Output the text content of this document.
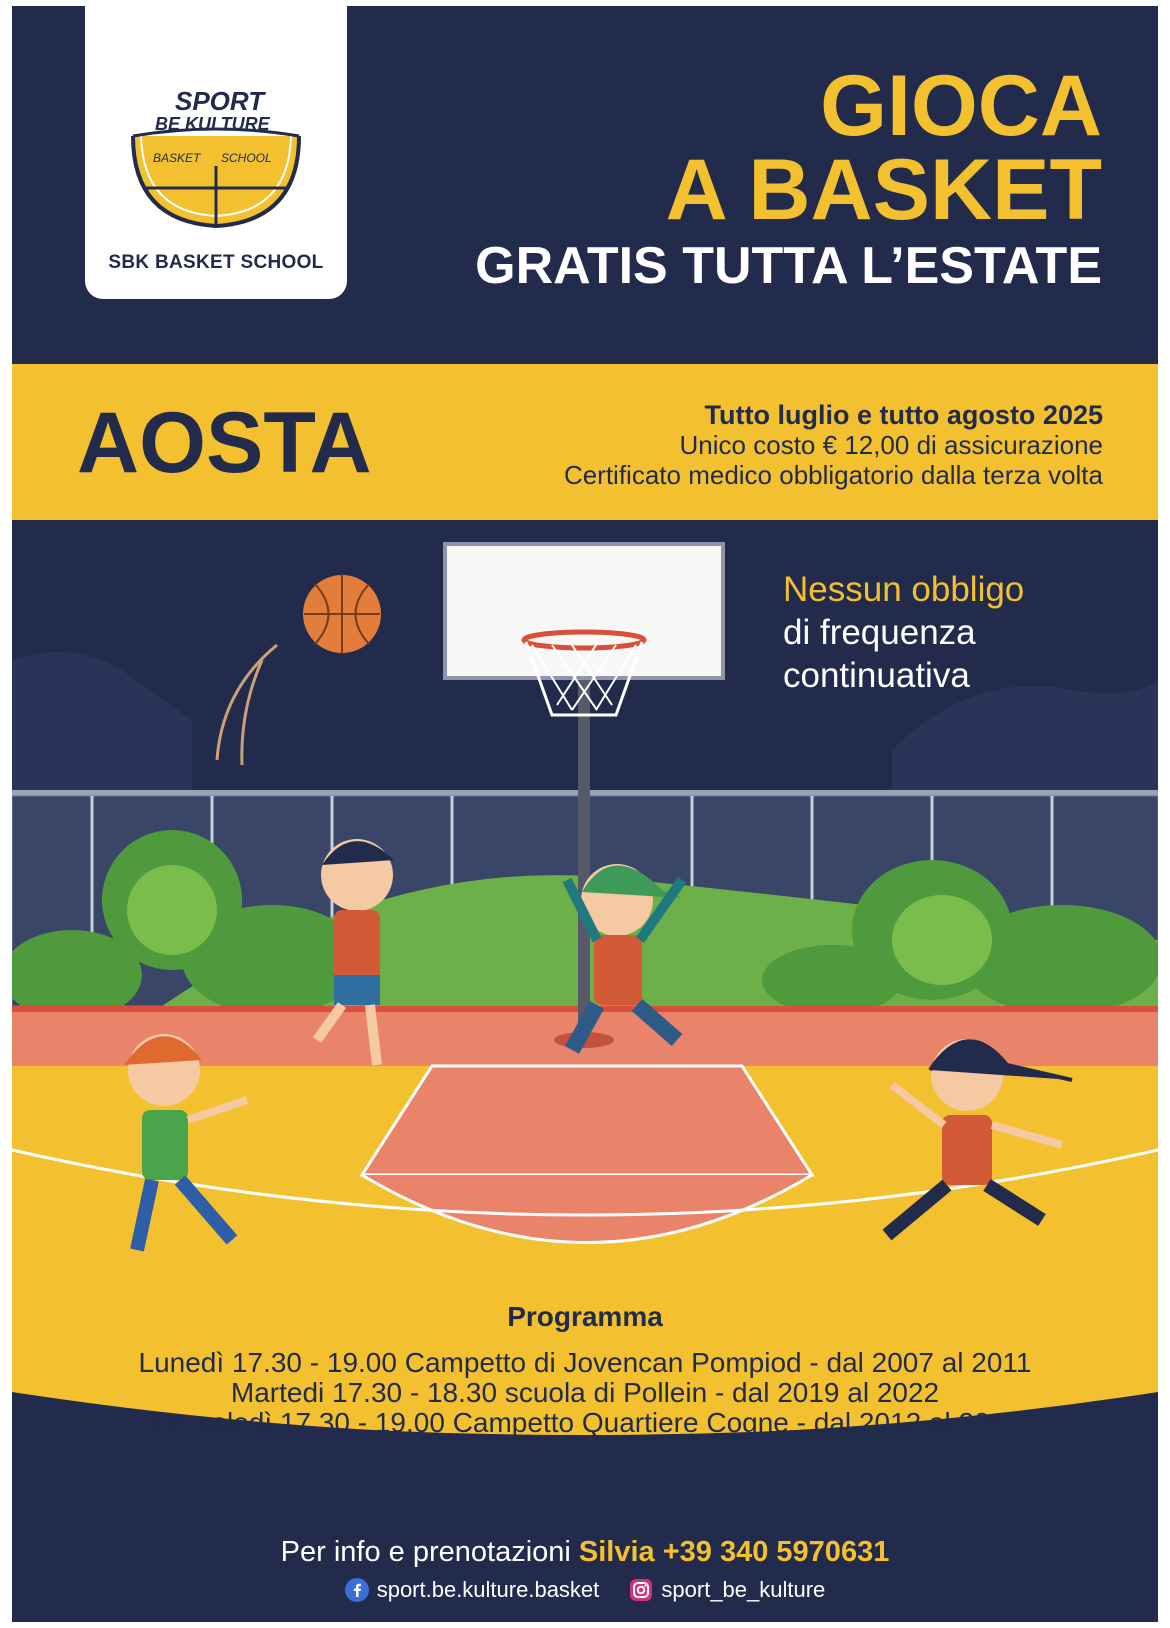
SPORT
BE KULTURE
BASKET SCHOOL
SBK BASKET SCHOOL
GIOCA
A BASKET
GRATIS TUTTA L’ESTATE
AOSTA	Tutto luglio e tutto agosto 2025
Unico costo € 12,00 di assicurazione
Certificato medico obbligatorio dalla terza volta
Nessun obbligo
di frequenza
continuativa
Programma
Lunedì 17.30 - 19.00 Campetto di Jovencan Pompiod - dal 2007 al 2011
Martedi 17.30 - 18.30 scuola di Pollein - dal 2019 al 2022
Mercoledì 17.30 - 19.00 Campetto Quartiere Cogne - dal 2012 al 2018
Per info e prenotazioni Silvia +39 340 5970631
sport.be.kulture.basket
	sport_be_kulture
